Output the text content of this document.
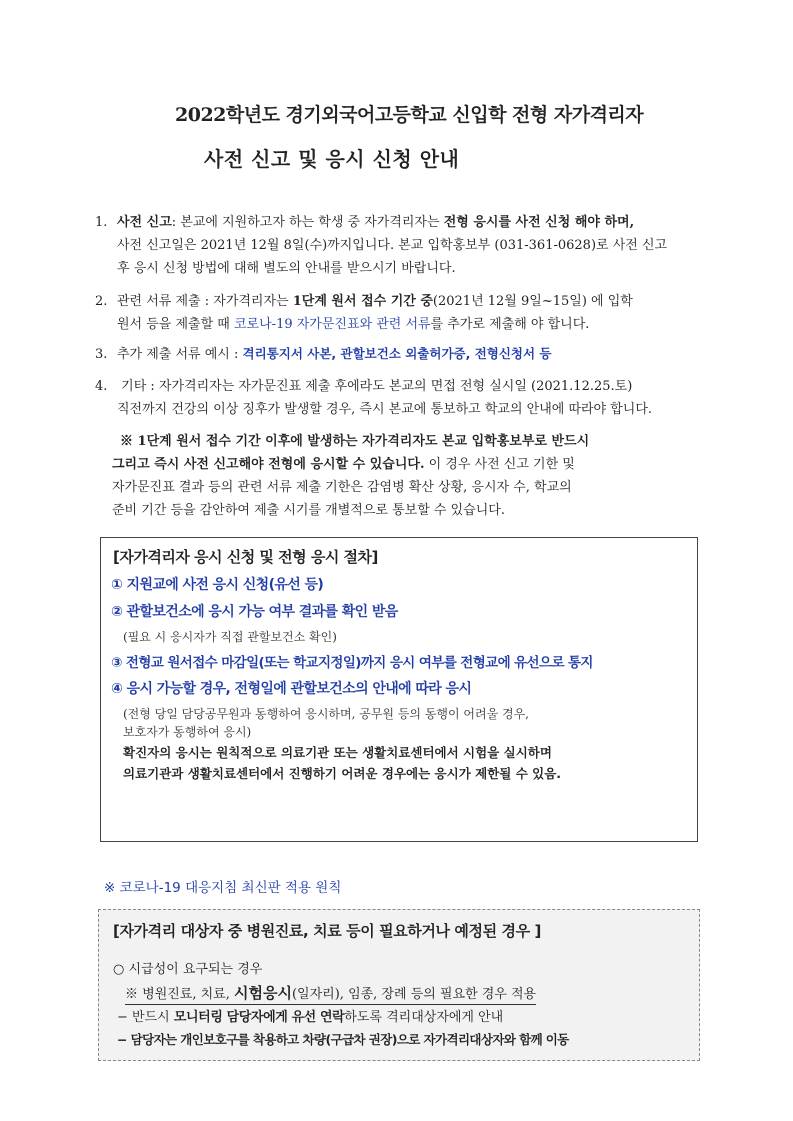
2022학년도 경기외국어고등학교 신입학 전형 자가격리자
사전 신고 및 응시 신청 안내
1. 사전 신고: 본교에 지원하고자 하는 학생 중 자가격리자는 전형 응시를 사전 신청 해야 하며,
사전 신고일은 2021년 12월 8일(수)까지입니다. 본교 입학홍보부 (031-361-0628)로 사전 신고
후 응시 신청 방법에 대해 별도의 안내를 받으시기 바랍니다.
2. 관련 서류 제출 : 자가격리자는 1단계 원서 접수 기간 중(2021년 12월 9일~15일) 에 입학
원서 등을 제출할 때 코로나-19 자가문진표와 관련 서류를 추가로 제출해 야 합니다.
3. 추가 제출 서류 예시 : 격리통지서 사본, 관할보건소 외출허가증, 전형신청서 등
4. 기타 : 자가격리자는 자가문진표 제출 후에라도 본교의 면접 전형 실시일 (2021.12.25.토)
직전까지 건강의 이상 징후가 발생할 경우, 즉시 본교에 통보하고 학교의 안내에 따라야 합니다.
※ 1단계 원서 접수 기간 이후에 발생하는 자가격리자도 본교 입학홍보부로 반드시
그리고 즉시 사전 신고해야 전형에 응시할 수 있습니다. 이 경우 사전 신고 기한 및
자가문진표 결과 등의 관련 서류 제출 기한은 감염병 확산 상황, 응시자 수, 학교의
준비 기간 등을 감안하여 제출 시기를 개별적으로 통보할 수 있습니다.
[자가격리자 응시 신청 및 전형 응시 절차]
① 지원교에 사전 응시 신청(유선 등)
② 관할보건소에 응시 가능 여부 결과를 확인 받음
(필요 시 응시자가 직접 관할보건소 확인)
③ 전형교 원서접수 마감일(또는 학교지정일)까지 응시 여부를 전형교에 유선으로 통지
④ 응시 가능할 경우, 전형일에 관할보건소의 안내에 따라 응시
(전형 당일 담당공무원과 동행하여 응시하며, 공무원 등의 동행이 어려울 경우,
보호자가 동행하여 응시)
확진자의 응시는 원칙적으로 의료기관 또는 생활치료센터에서 시험을 실시하며
의료기관과 생활치료센터에서 진행하기 어려운 경우에는 응시가 제한될 수 있음.
※ 코로나-19 대응지침 최신판 적용 원칙
[자가격리 대상자 중 병원진료, 치료 등이 필요하거나 예정된 경우 ]
○ 시급성이 요구되는 경우
※ 병원진료, 치료, 시험응시(일자리), 임종, 장례 등의 필요한 경우 적용
− 반드시 모니터링 담당자에게 유선 연락하도록 격리대상자에게 안내
− 담당자는 개인보호구를 착용하고 차량(구급차 권장)으로 자가격리대상자와 함께 이동
